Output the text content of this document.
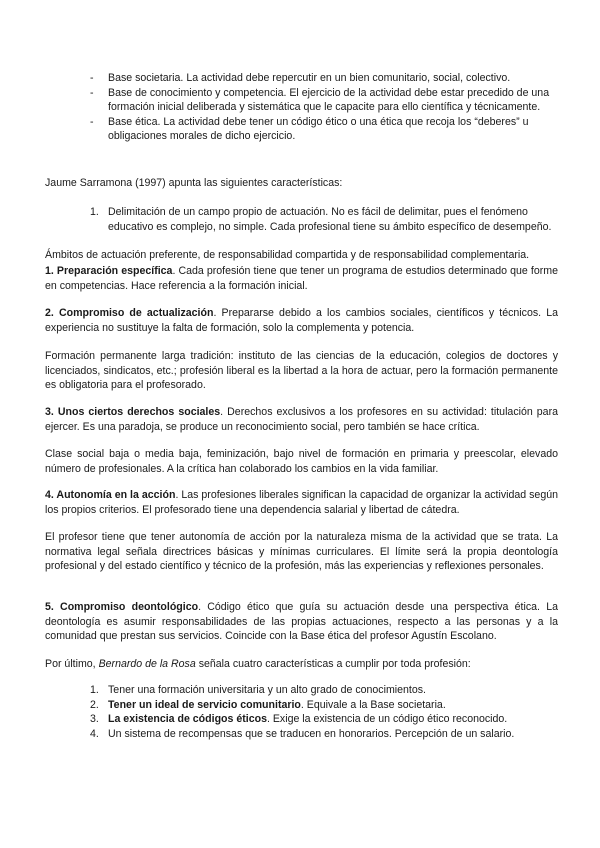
- Base societaria. La actividad debe repercutir en un bien comunitario, social, colectivo.
- Base de conocimiento y competencia. El ejercicio de la actividad debe estar precedido de una formación inicial deliberada y sistemática que le capacite para ello científica y técnicamente.
- Base ética. La actividad debe tener un código ético o una ética que recoja los “deberes” u obligaciones morales de dicho ejercicio.

Jaume Sarramona (1997) apunta las siguientes características:

1. Delimitación de un campo propio de actuación. No es fácil de delimitar, pues el fenómeno educativo es complejo, no simple. Cada profesional tiene su ámbito específico de desempeño.

Ámbitos de actuación preferente, de responsabilidad compartida y de responsabilidad complementaria.

1. Preparación específica. Cada profesión tiene que tener un programa de estudios determinado que forme en competencias. Hace referencia a la formación inicial.

2. Compromiso de actualización. Prepararse debido a los cambios sociales, científicos y técnicos. La experiencia no sustituye la falta de formación, solo la complementa y potencia.

Formación permanente larga tradición: instituto de las ciencias de la educación, colegios de doctores y licenciados, sindicatos, etc.; profesión liberal es la libertad a la hora de actuar, pero la formación permanente es obligatoria para el profesorado.

3. Unos ciertos derechos sociales. Derechos exclusivos a los profesores en su actividad: titulación para ejercer. Es una paradoja, se produce un reconocimiento social, pero también se hace crítica.

Clase social baja o media baja, feminización, bajo nivel de formación en primaria y preescolar, elevado número de profesionales. A la crítica han colaborado los cambios en la vida familiar.

4. Autonomía en la acción. Las profesiones liberales significan la capacidad de organizar la actividad según los propios criterios. El profesorado tiene una dependencia salarial y libertad de cátedra.

El profesor tiene que tener autonomía de acción por la naturaleza misma de la actividad que se trata. La normativa legal señala directrices básicas y mínimas curriculares. El límite será la propia deontología profesional y del estado científico y técnico de la profesión, más las experiencias y reflexiones personales.

5. Compromiso deontológico. Código ético que guía su actuación desde una perspectiva ética. La deontología es asumir responsabilidades de las propias actuaciones, respecto a las personas y a la comunidad que prestan sus servicios. Coincide con la Base ética del profesor Agustín Escolano.

Por último, Bernardo de la Rosa señala cuatro características a cumplir por toda profesión:

1. Tener una formación universitaria y un alto grado de conocimientos.
2. Tener un ideal de servicio comunitario. Equivale a la Base societaria.
3. La existencia de códigos éticos. Exige la existencia de un código ético reconocido.
4. Un sistema de recompensas que se traducen en honorarios. Percepción de un salario.
